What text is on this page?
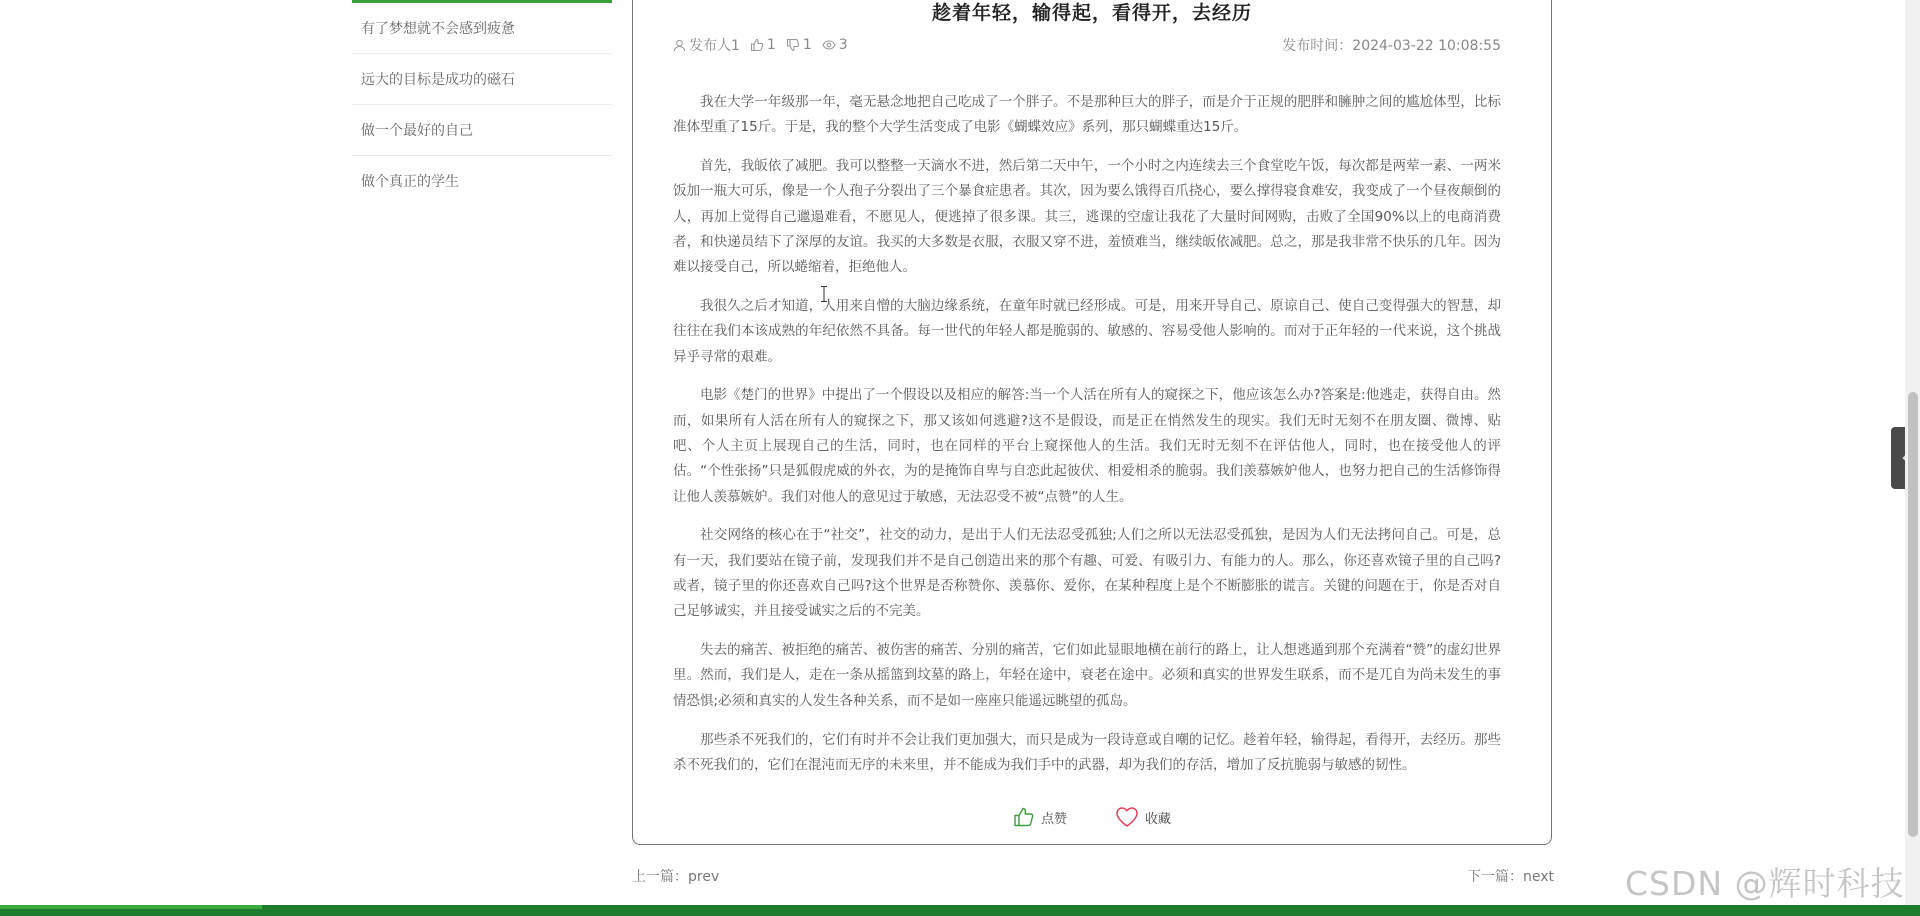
有了梦想就不会感到疲惫
远大的目标是成功的磁石
做一个最好的自己
做个真正的学生
趁着年轻，输得起，看得开，去经历
发布人1 1 1 3	发布时间：2024-03-22 10:08:55

我在大学一年级那一年，毫无悬念地把自己吃成了一个胖子。不是那种巨大的胖子，而是介于正规的肥胖和臃肿之间的尴尬体型，比标准体型重了15斤。于是，我的整个大学生活变成了电影《蝴蝶效应》系列，那只蝴蝶重达15斤。

首先，我皈依了减肥。我可以整整一天滴水不进，然后第二天中午，一个小时之内连续去三个食堂吃午饭，每次都是两荤一素、一两米饭加一瓶大可乐，像是一个人孢子分裂出了三个暴食症患者。其次，因为要么饿得百爪挠心，要么撑得寝食难安，我变成了一个昼夜颠倒的人，再加上觉得自己邋遢难看，不愿见人，便逃掉了很多课。其三，逃课的空虚让我花了大量时间网购，击败了全国90%以上的电商消费者，和快递员结下了深厚的友谊。我买的大多数是衣服，衣服又穿不进，羞愤难当，继续皈依减肥。总之，那是我非常不快乐的几年。因为难以接受自己，所以蜷缩着，拒绝他人。

我很久之后才知道，人用来自憎的大脑边缘系统，在童年时就已经形成。可是，用来开导自己、原谅自己、使自己变得强大的智慧，却往往在我们本该成熟的年纪依然不具备。每一世代的年轻人都是脆弱的、敏感的、容易受他人影响的。而对于正年轻的一代来说，这个挑战异乎寻常的艰难。

电影《楚门的世界》中提出了一个假设以及相应的解答:当一个人活在所有人的窥探之下，他应该怎么办?答案是:他逃走，获得自由。然而，如果所有人活在所有人的窥探之下，那又该如何逃避?这不是假设，而是正在悄然发生的现实。我们无时无刻不在朋友圈、微博、贴吧、个人主页上展现自己的生活，同时，也在同样的平台上窥探他人的生活。我们无时无刻不在评估他人，同时，也在接受他人的评估。“个性张扬”只是狐假虎威的外衣，为的是掩饰自卑与自恋此起彼伏、相爱相杀的脆弱。我们羡慕嫉妒他人，也努力把自己的生活修饰得让他人羡慕嫉妒。我们对他人的意见过于敏感，无法忍受不被“点赞”的人生。

社交网络的核心在于“社交”，社交的动力，是出于人们无法忍受孤独;人们之所以无法忍受孤独，是因为人们无法拷问自己。可是，总有一天，我们要站在镜子前，发现我们并不是自己创造出来的那个有趣、可爱、有吸引力、有能力的人。那么，你还喜欢镜子里的自己吗?或者，镜子里的你还喜欢自己吗?这个世界是否称赞你、羡慕你、爱你，在某种程度上是个不断膨胀的谎言。关键的问题在于，你是否对自己足够诚实，并且接受诚实之后的不完美。

失去的痛苦、被拒绝的痛苦、被伤害的痛苦、分别的痛苦，它们如此显眼地横在前行的路上，让人想逃遁到那个充满着“赞”的虚幻世界里。然而，我们是人，走在一条从摇篮到坟墓的路上，年轻在途中，衰老在途中。必须和真实的世界发生联系，而不是兀自为尚未发生的事情恐惧;必须和真实的人发生各种关系，而不是如一座座只能遥远眺望的孤岛。

那些杀不死我们的，它们有时并不会让我们更加强大，而只是成为一段诗意或自嘲的记忆。趁着年轻，输得起，看得开，去经历。那些杀不死我们的，它们在混沌而无序的未来里，并不能成为我们手中的武器，却为我们的存活，增加了反抗脆弱与敏感的韧性。

点赞	收藏
上一篇：prev	下一篇：next CSDN @辉时科技
